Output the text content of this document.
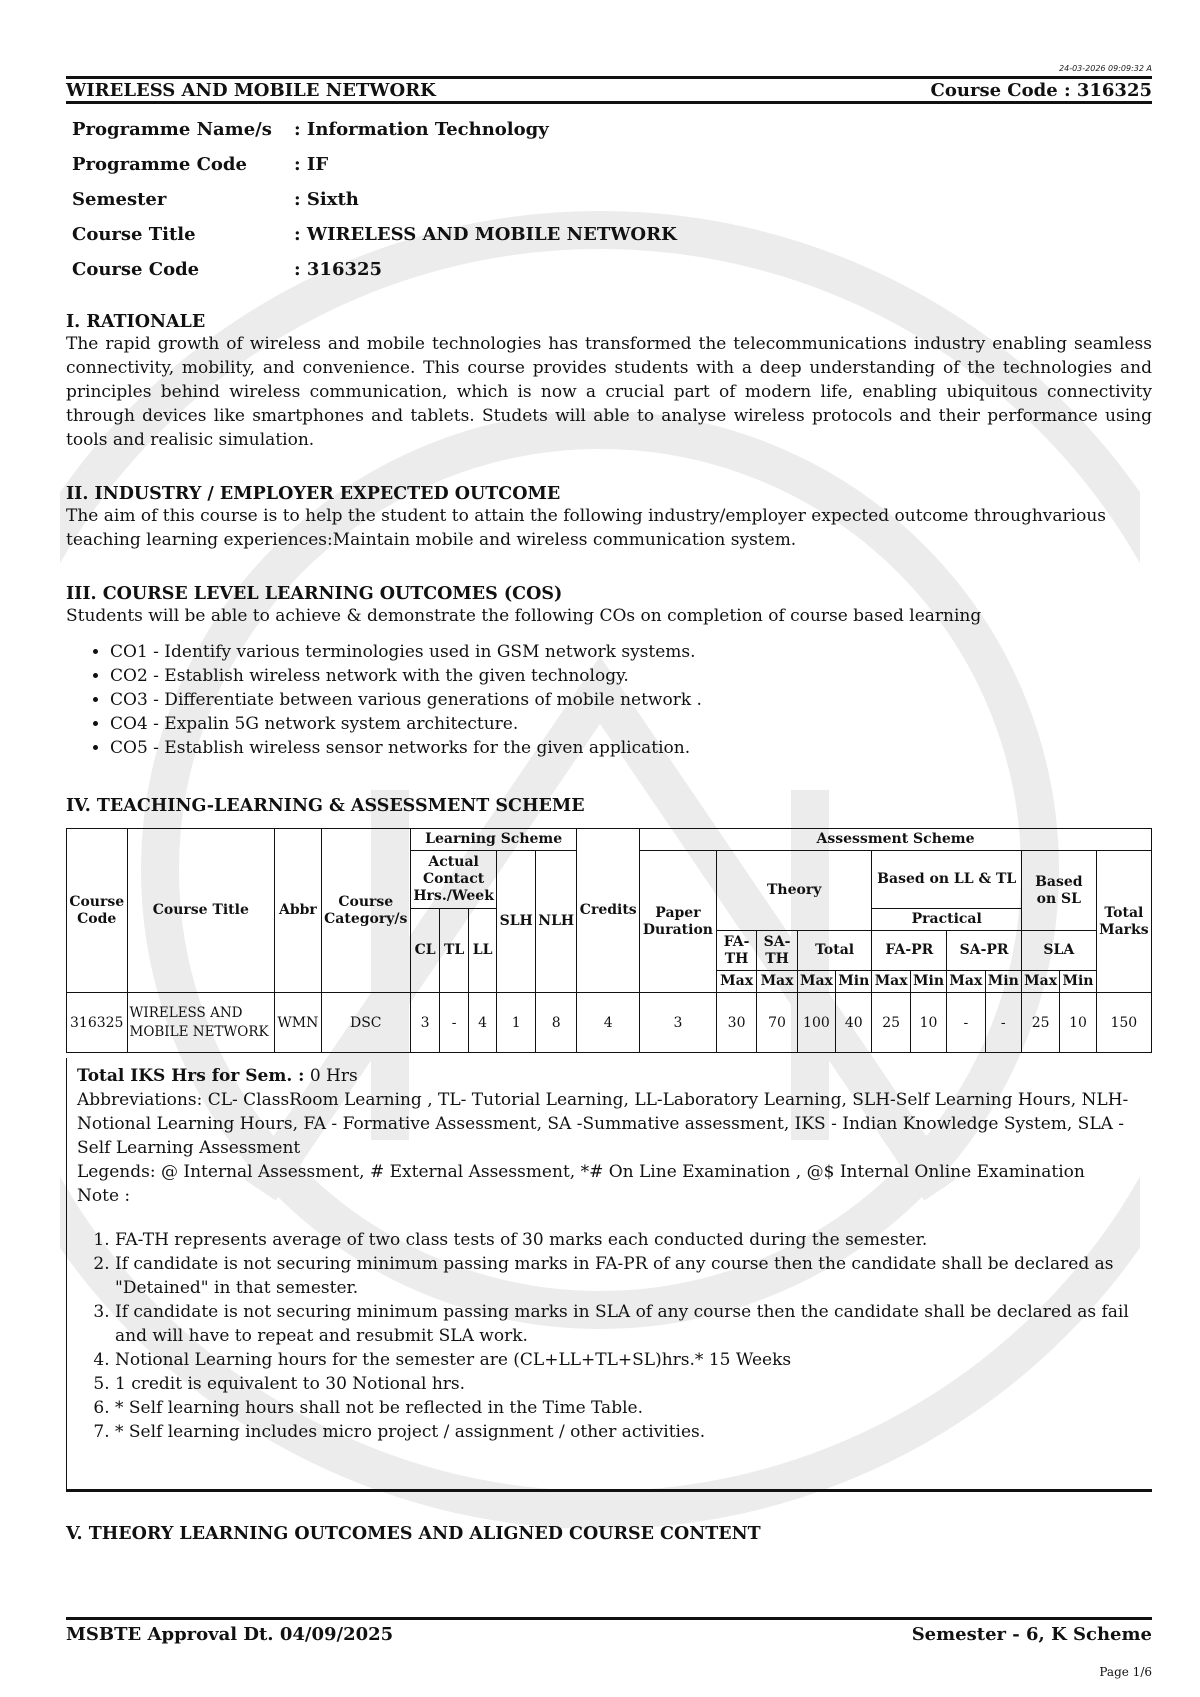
24-03-2026 09:09:32 A
WIRELESS AND MOBILE NETWORK	Course Code : 316325
Programme Name/s	: Information Technology
Programme Code	: IF
Semester	: Sixth
Course Title	: WIRELESS AND MOBILE NETWORK
Course Code	: 316325
I. RATIONALE
The rapid growth of wireless and mobile technologies has transformed the telecommunications industry enabling seamless connectivity, mobility, and convenience. This course provides students with a deep understanding of the technologies and principles behind wireless communication, which is now a crucial part of modern life, enabling ubiquitous connectivity through devices like smartphones and tablets. Studets will able to analyse wireless protocols and their performance using tools and realisic simulation.
II. INDUSTRY / EMPLOYER EXPECTED OUTCOME
The aim of this course is to help the student to attain the following industry/employer expected outcome throughvarious teaching learning experiences:Maintain mobile and wireless communication system.
III. COURSE LEVEL LEARNING OUTCOMES (COS)
Students will be able to achieve & demonstrate the following COs on completion of course based learning
• CO1 - Identify various terminologies used in GSM network systems.
• CO2 - Establish wireless network with the given technology.
• CO3 - Differentiate between various generations of mobile network .
• CO4 - Expalin 5G network system architecture.
• CO5 - Establish wireless sensor networks for the given application.
IV. TEACHING-LEARNING & ASSESSMENT SCHEME
Course Code	Course Title	Abbr	Course Category/s	Learning Scheme					Credits	Assessment Scheme											
				Actual Contact Hrs./Week			SLH	NLH		Paper Duration	Theory				Based on LL & TL				Based on SL		Total Marks
				CL	TL	LL									Practical						
											FA-TH	SA-TH	Total		FA-PR		SA-PR		SLA		
											Max	Max	Max	Min	Max	Min	Max	Min	Max	Min	
316325	WIRELESS AND MOBILE NETWORK	WMN	DSC	3	-	4	1	8	4	3	30	70	100	40	25	10	-	-	25	10	150
Total IKS Hrs for Sem. : 0 Hrs
Abbreviations: CL- ClassRoom Learning , TL- Tutorial Learning, LL-Laboratory Learning, SLH-Self Learning Hours, NLH-Notional Learning Hours, FA - Formative Assessment, SA -Summative assessment, IKS - Indian Knowledge System, SLA - Self Learning Assessment
Legends: @ Internal Assessment, # External Assessment, *# On Line Examination , @$ Internal Online Examination
Note :
1. FA-TH represents average of two class tests of 30 marks each conducted during the semester.
2. If candidate is not securing minimum passing marks in FA-PR of any course then the candidate shall be declared as "Detained" in that semester.
3. If candidate is not securing minimum passing marks in SLA of any course then the candidate shall be declared as fail and will have to repeat and resubmit SLA work.
4. Notional Learning hours for the semester are (CL+LL+TL+SL)hrs.* 15 Weeks
5. 1 credit is equivalent to 30 Notional hrs.
6. * Self learning hours shall not be reflected in the Time Table.
7. * Self learning includes micro project / assignment / other activities.
V. THEORY LEARNING OUTCOMES AND ALIGNED COURSE CONTENT
MSBTE Approval Dt. 04/09/2025	Semester - 6, K Scheme
Page 1/6
